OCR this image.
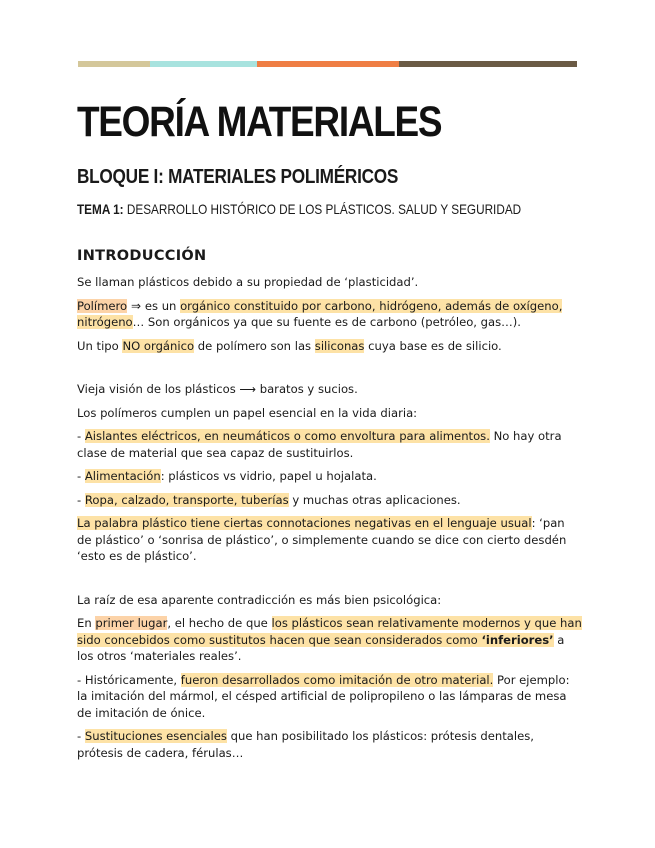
TEORÍA MATERIALES
BLOQUE I: MATERIALES POLIMÉRICOS
TEMA 1: DESARROLLO HISTÓRICO DE LOS PLÁSTICOS. SALUD Y SEGURIDAD
INTRODUCCIÓN

Se llaman plásticos debido a su propiedad de ‘plasticidad’.

Polímero ⇒ es un orgánico constituido por carbono, hidrógeno, además de oxígeno, nitrógeno… Son orgánicos ya que su fuente es de carbono (petróleo, gas…).

Un tipo NO orgánico de polímero son las siliconas cuya base es de silicio.

Vieja visión de los plásticos ⟶ baratos y sucios.

Los polímeros cumplen un papel esencial en la vida diaria:

- Aislantes eléctricos, en neumáticos o como envoltura para alimentos. No hay otra clase de material que sea capaz de sustituirlos.

- Alimentación: plásticos vs vidrio, papel u hojalata.

- Ropa, calzado, transporte, tuberías y muchas otras aplicaciones.

La palabra plástico tiene ciertas connotaciones negativas en el lenguaje usual: ‘pan de plástico’ o ‘sonrisa de plástico’, o simplemente cuando se dice con cierto desdén ‘esto es de plástico’.

La raíz de esa aparente contradicción es más bien psicológica:

En primer lugar, el hecho de que los plásticos sean relativamente modernos y que han sido concebidos como sustitutos hacen que sean considerados como ‘inferiores’ a los otros ‘materiales reales’.

- Históricamente, fueron desarrollados como imitación de otro material. Por ejemplo: la imitación del mármol, el césped artificial de polipropileno o las lámparas de mesa de imitación de ónice.

- Sustituciones esenciales que han posibilitado los plásticos: prótesis dentales, prótesis de cadera, férulas…
